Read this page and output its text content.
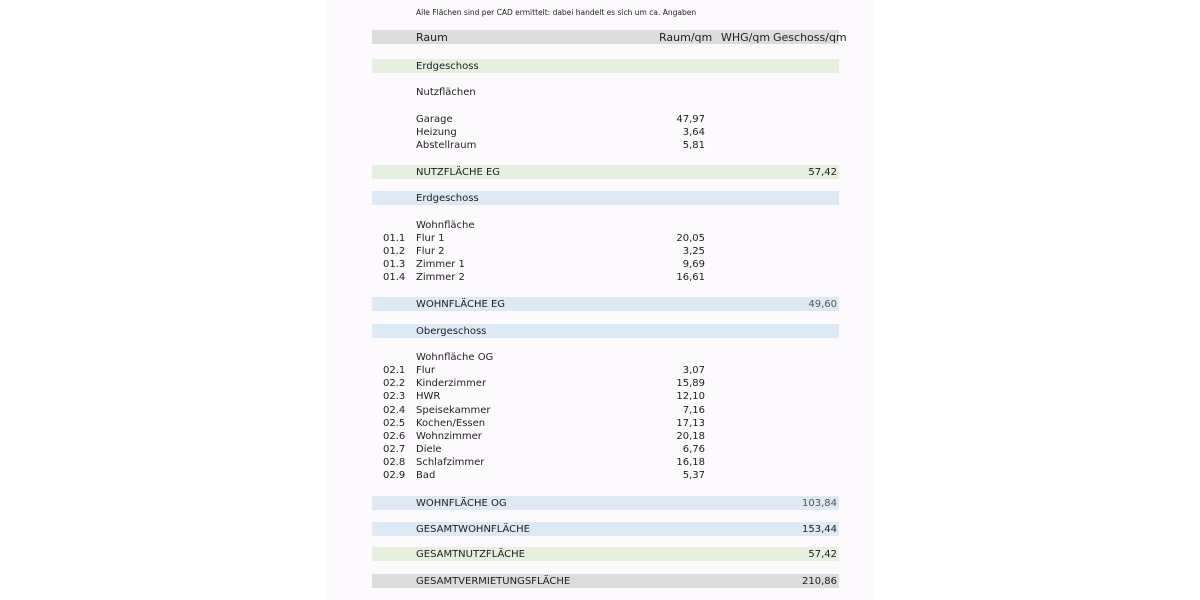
Alle Flächen sind per CAD ermittelt: dabei handelt es sich um ca. Angaben
Raum	Raum/qm WHG/qm Geschoss/qm
Erdgeschoss
Nutzflächen
Garage	47,97
Heizung	3,64
Abstellraum	5,81
NUTZFLÄCHE EG	57,42
Erdgeschoss
Wohnfläche
01.1 Flur 1	20,05
01.2 Flur 2	3,25
01.3 Zimmer 1	9,69
01.4 Zimmer 2	16,61
WOHNFLÄCHE EG	49,60
Obergeschoss
Wohnfläche OG
02.1 Flur	3,07
02.2 Kinderzimmer	15,89
02.3 HWR	12,10
02.4 Speisekammer	7,16
02.5 Kochen/Essen	17,13
02.6 Wohnzimmer	20,18
02.7 Diele	6,76
02.8 Schlafzimmer	16,18
02.9 Bad	5,37
WOHNFLÄCHE OG	103,84
GESAMTWOHNFLÄCHE	153,44
GESAMTNUTZFLÄCHE	57,42
GESAMTVERMIETUNGSFLÄCHE	210,86
